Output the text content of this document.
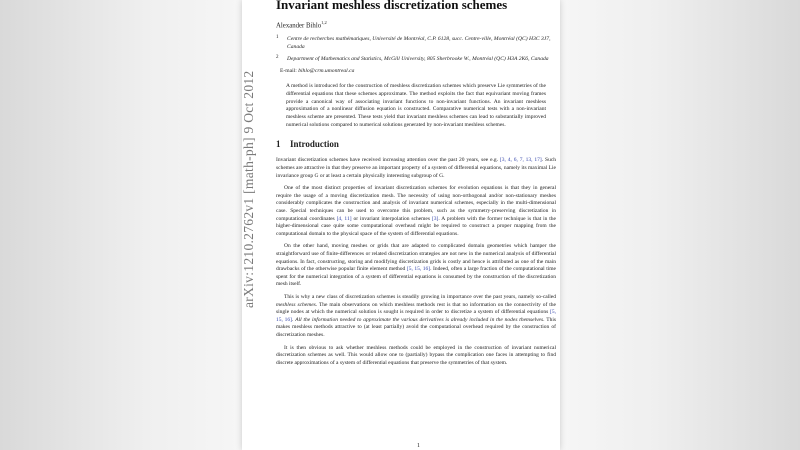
Invariant meshless discretization schemes
Alexander Bihlo$^{1,2}$
1 Centre de recherches mathématiques, Université de Montréal, C.P. 6128, succ. Centre-ville, Montréal (QC) H3C 3J7, Canada
2 Department of Mathematics and Statistics, McGill University, 805 Sherbrooke W., Montréal (QC) H3A 2K6, Canada
E-mail: bihlo@crm.umontreal.ca
A method is introduced for the construction of meshless discretization schemes which preserve Lie symmetries of the differential equations that these schemes approximate. The method exploits the fact that equivariant moving frames provide a canonical way of associating invariant functions to non-invariant functions. An invariant meshless approximation of a nonlinear diffusion equation is constructed. Comparative numerical tests with a non-invariant meshless scheme are presented. These tests yield that invariant meshless schemes can lead to substantially improved numerical solutions compared to numerical solutions generated by non-invariant meshless schemes.
1 Introduction
Invariant discretization schemes have received increasing attention over the past 20 years, see e.g. [3, 4, 6, 7, 13, 17]. Such schemes are attractive in that they preserve an important property of a system of differential equations, namely its maximal Lie invariance group G or at least a certain physically interesting subgroup of G.
One of the most distinct properties of invariant discretization schemes for evolution equations is that they in general require the usage of a moving discretization mesh. The necessity of using non-orthogonal and/or non-stationary meshes considerably complicates the construction and analysis of invariant numerical schemes, especially in the multi-dimensional case. Special techniques can be used to overcome this problem, such as the symmetry-preserving discretization in computational coordinates [4, 11] or invariant interpolation schemes [3]. A problem with the former technique is that in the higher-dimensional case quite some computational overhead might be required to construct a proper mapping from the computational domain to the physical space of the system of differential equations.
On the other hand, moving meshes or grids that are adapted to complicated domain geometries which hamper the straightforward use of finite-differences or related discretization strategies are not new in the numerical analysis of differential equations. In fact, constructing, storing and modifying discretization grids is costly and hence is attributed as one of the main drawbacks of the otherwise popular finite element method [5, 15, 16]. Indeed, often a large fraction of the computational time spent for the numerical integration of a system of differential equations is consumed by the construction of the discretization mesh itself.
This is why a new class of discretization schemes is steadily growing in importance over the past years, namely so-called meshless schemes. The main observations on which meshless methods rest is that no information on the connectivity of the single nodes at which the numerical solution is sought is required in order to discretize a system of differential equations [5, 15, 16]. All the information needed to approximate the various derivatives is already included in the nodes themselves. This makes meshless methods attractive to (at least partially) avoid the computational overhead required by the construction of discretization meshes.
It is then obvious to ask whether meshless methods could be employed in the construction of invariant numerical discretization schemes as well. This would allow one to (partially) bypass the complication one faces in attempting to find discrete approximations of a system of differential equations that preserve the symmetries of that system.
1
arXiv:1210.2762v1 [math-ph] 9 Oct 2012
